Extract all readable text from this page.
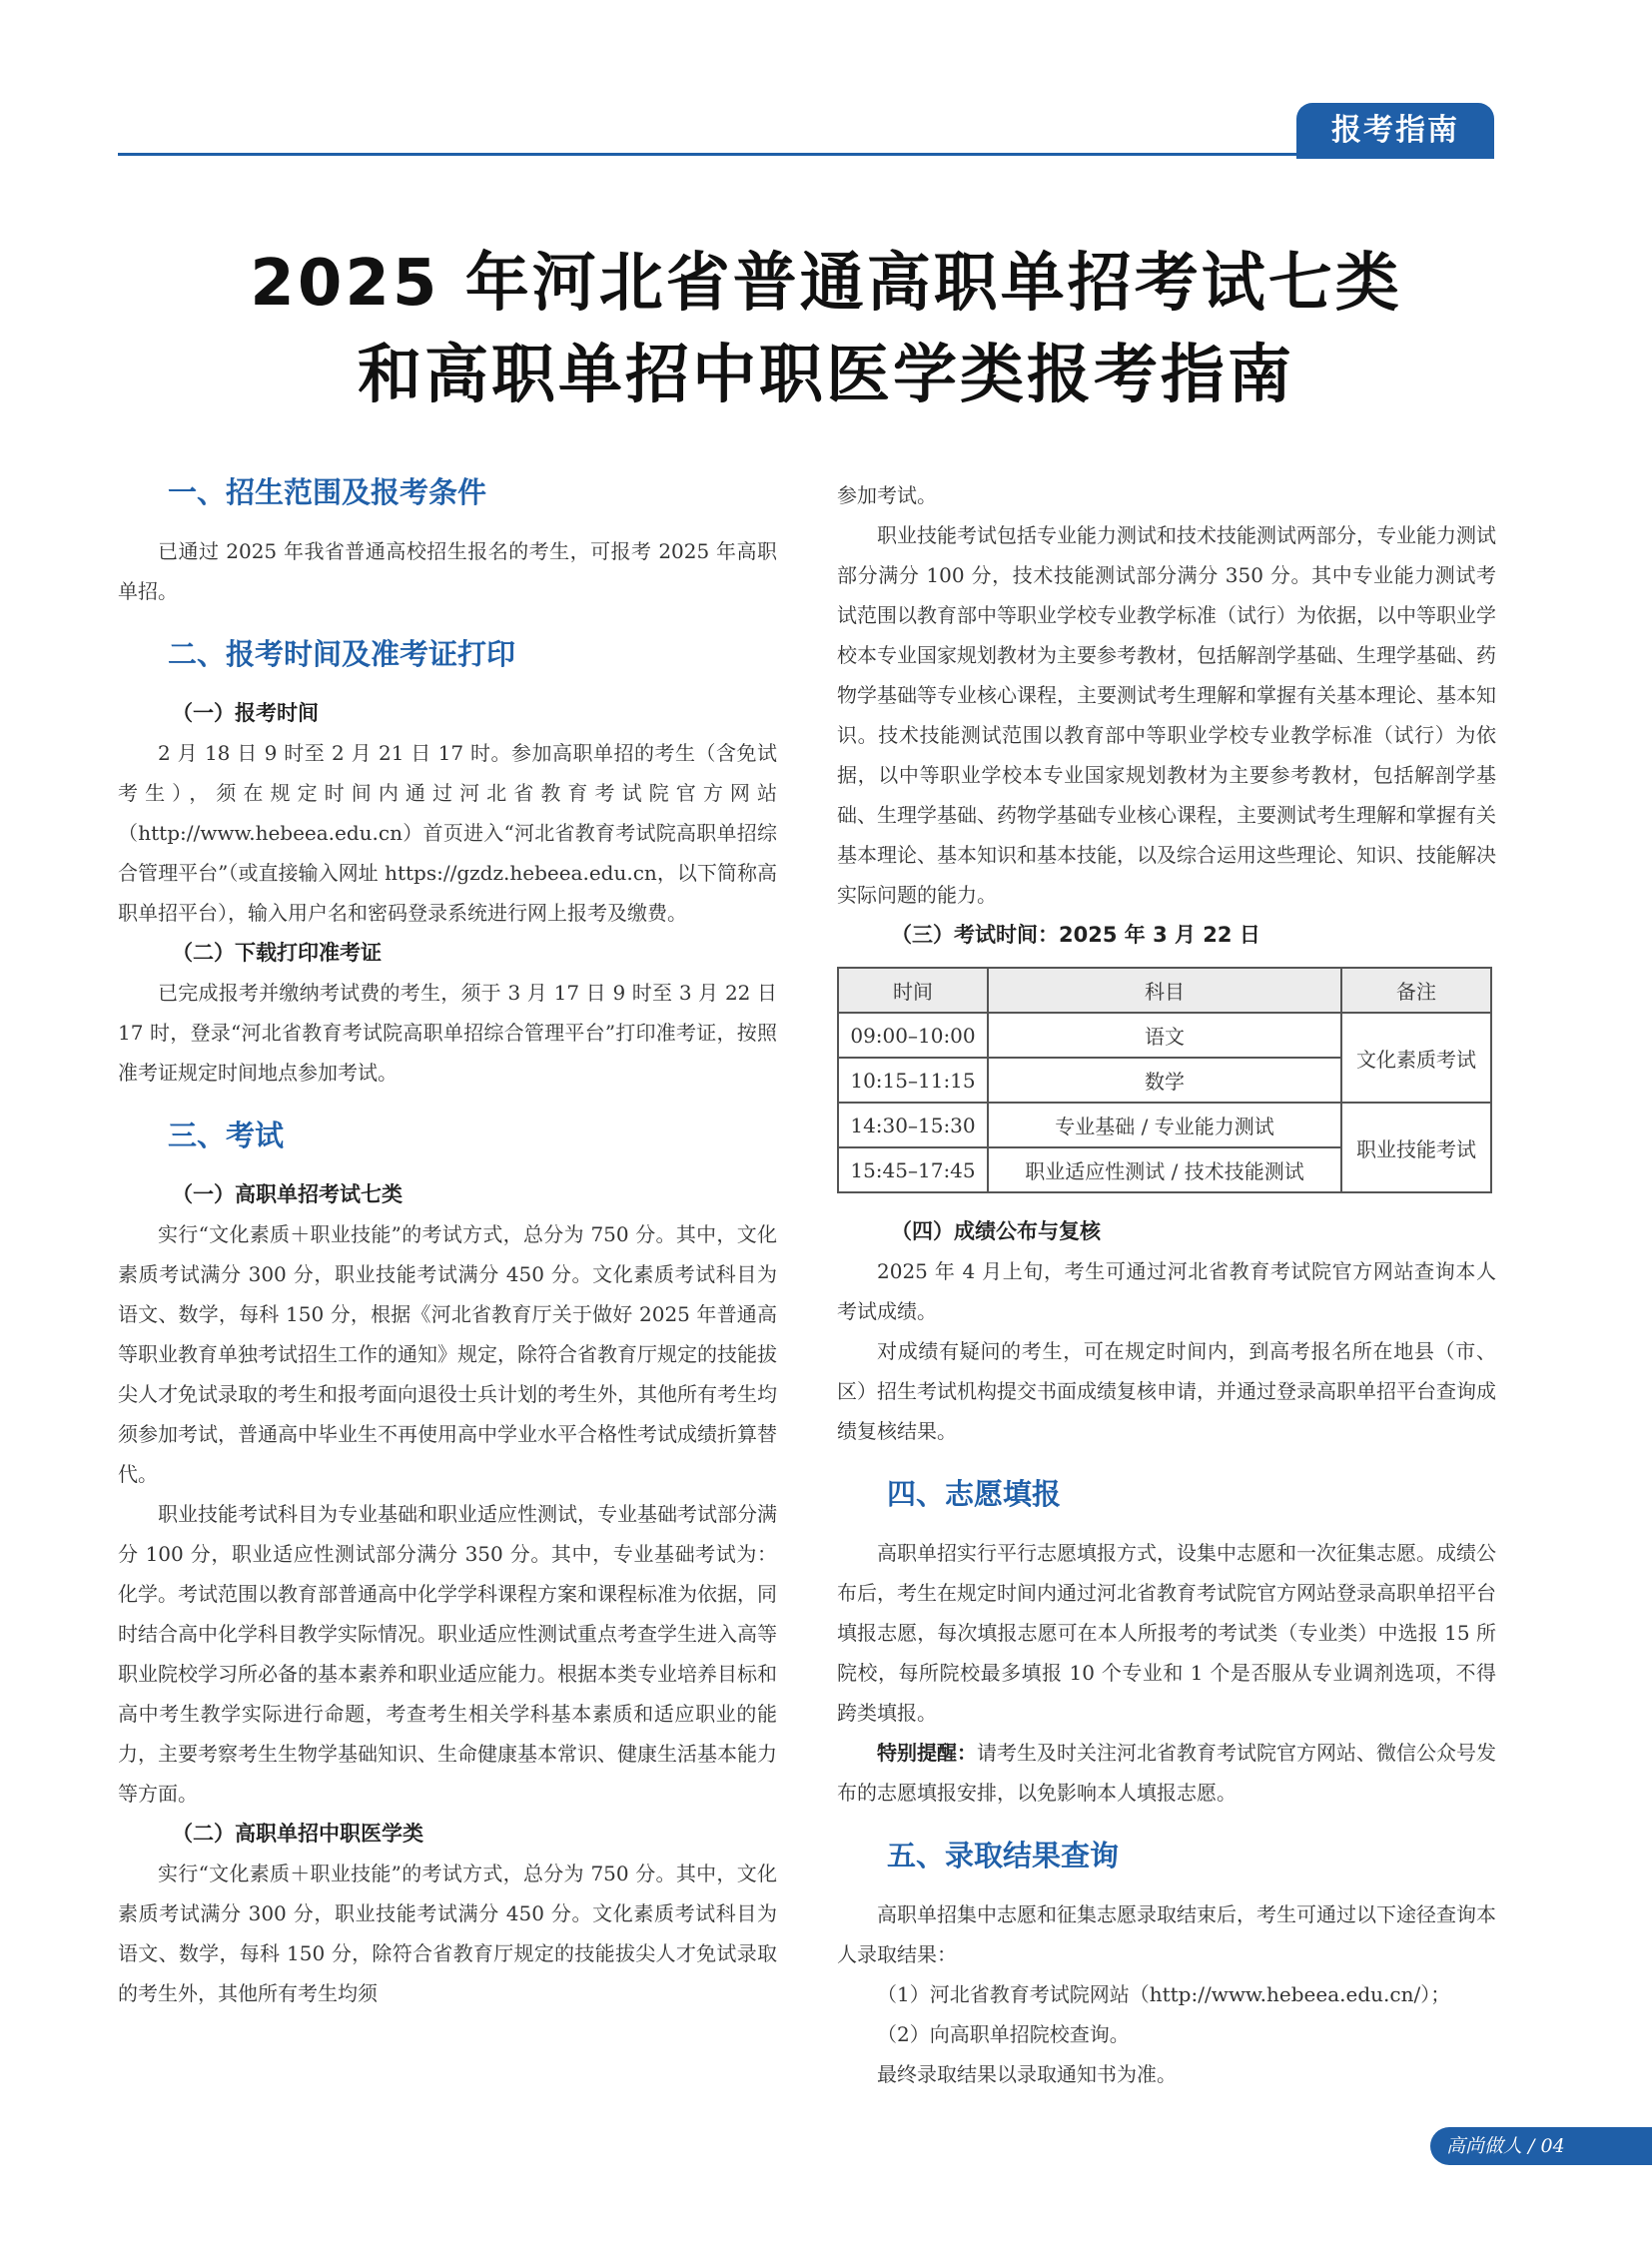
报考指南
2025 年河北省普通高职单招考试七类
和高职单招中职医学类报考指南
一、招生范围及报考条件

已通过 2025 年我省普通高校招生报名的考生，可报考 2025 年高职单招。

二、报考时间及准考证打印
（一）报考时间

2 月 18 日 9 时至 2 月 21 日 17 时。参加高职单招的考生（含免试考生），须在规定时间内通过河北省教育考试院官方网站（http://www.hebeea.edu.cn）首页进入“河北省教育考试院高职单招综合管理平台”（或直接输入网址 https://gzdz.hebeea.edu.cn，以下简称高职单招平台），输入用户名和密码登录系统进行网上报考及缴费。

（二）下载打印准考证

已完成报考并缴纳考试费的考生，须于 3 月 17 日 9 时至 3 月 22 日 17 时，登录“河北省教育考试院高职单招综合管理平台”打印准考证，按照准考证规定时间地点参加考试。

三、考试
（一）高职单招考试七类

实行“文化素质＋职业技能”的考试方式，总分为 750 分。其中，文化素质考试满分 300 分，职业技能考试满分 450 分。文化素质考试科目为语文、数学，每科 150 分，根据《河北省教育厅关于做好 2025 年普通高等职业教育单独考试招生工作的通知》规定，除符合省教育厅规定的技能拔尖人才免试录取的考生和报考面向退役士兵计划的考生外，其他所有考生均须参加考试，普通高中毕业生不再使用高中学业水平合格性考试成绩折算替代。

职业技能考试科目为专业基础和职业适应性测试，专业基础考试部分满分 100 分，职业适应性测试部分满分 350 分。其中，专业基础考试为：化学。考试范围以教育部普通高中化学学科课程方案和课程标准为依据，同时结合高中化学科目教学实际情况。职业适应性测试重点考查学生进入高等职业院校学习所必备的基本素养和职业适应能力。根据本类专业培养目标和高中考生教学实际进行命题，考查考生相关学科基本素质和适应职业的能力，主要考察考生生物学基础知识、生命健康基本常识、健康生活基本能力等方面。

（二）高职单招中职医学类

实行“文化素质＋职业技能”的考试方式，总分为 750 分。其中，文化素质考试满分 300 分，职业技能考试满分 450 分。文化素质考试科目为语文、数学，每科 150 分，除符合省教育厅规定的技能拔尖人才免试录取的考生外，其他所有考生均须

参加考试。

职业技能考试包括专业能力测试和技术技能测试两部分，专业能力测试部分满分 100 分，技术技能测试部分满分 350 分。其中专业能力测试考试范围以教育部中等职业学校专业教学标准（试行）为依据，以中等职业学校本专业国家规划教材为主要参考教材，包括解剖学基础、生理学基础、药物学基础等专业核心课程，主要测试考生理解和掌握有关基本理论、基本知识。技术技能测试范围以教育部中等职业学校专业教学标准（试行）为依据，以中等职业学校本专业国家规划教材为主要参考教材，包括解剖学基础、生理学基础、药物学基础专业核心课程，主要测试考生理解和掌握有关基本理论、基本知识和基本技能，以及综合运用这些理论、知识、技能解决实际问题的能力。

（三）考试时间：2025 年 3 月 22 日
时间	科目	备注
09:00–10:00	语文	文化素质考试
10:15–11:15	数学	
14:30–15:30	专业基础 / 专业能力测试	职业技能考试
15:45–17:45	职业适应性测试 / 技术技能测试	
（四）成绩公布与复核

2025 年 4 月上旬，考生可通过河北省教育考试院官方网站查询本人考试成绩。

对成绩有疑问的考生，可在规定时间内，到高考报名所在地县（市、区）招生考试机构提交书面成绩复核申请，并通过登录高职单招平台查询成绩复核结果。

四、志愿填报

高职单招实行平行志愿填报方式，设集中志愿和一次征集志愿。成绩公布后，考生在规定时间内通过河北省教育考试院官方网站登录高职单招平台填报志愿，每次填报志愿可在本人所报考的考试类（专业类）中选报 15 所院校，每所院校最多填报 10 个专业和 1 个是否服从专业调剂选项，不得跨类填报。

特别提醒：请考生及时关注河北省教育考试院官方网站、微信公众号发布的志愿填报安排，以免影响本人填报志愿。

五、录取结果查询

高职单招集中志愿和征集志愿录取结束后，考生可通过以下途径查询本人录取结果：

（1）河北省教育考试院网站（http://www.hebeea.edu.cn/）；

（2）向高职单招院校查询。

最终录取结果以录取通知书为准。

高尚做人 / 04
